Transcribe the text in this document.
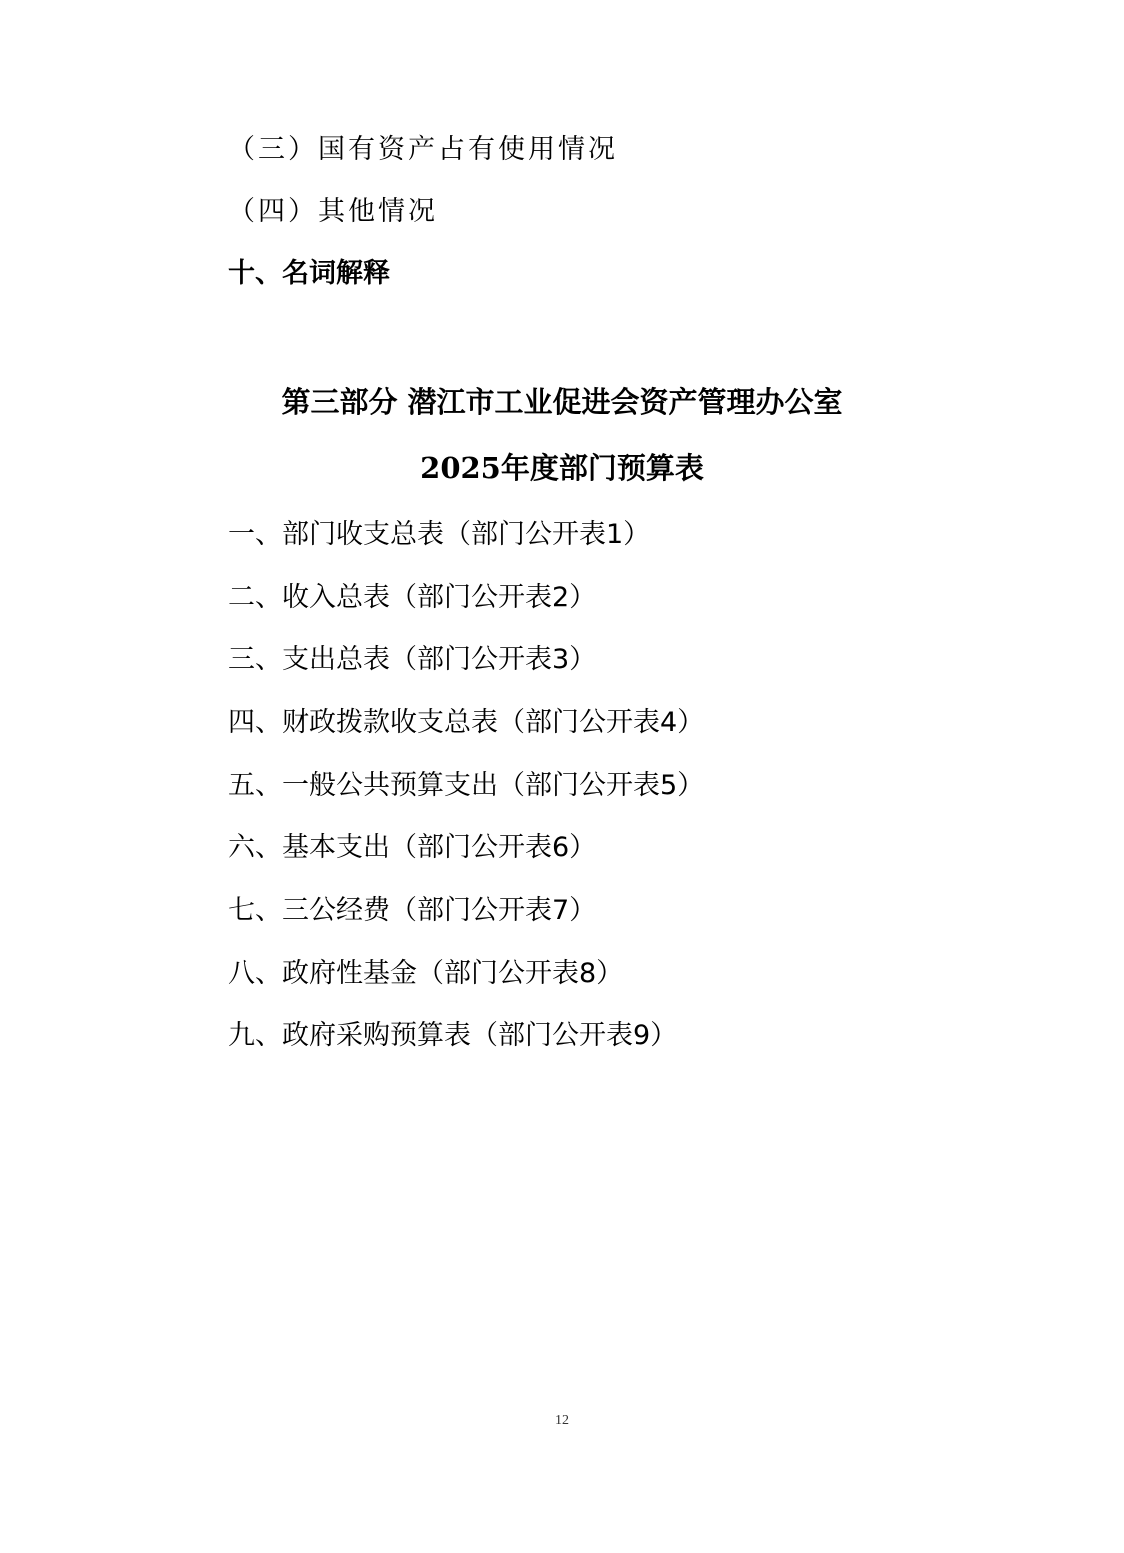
（三）国有资产占有使用情况
（四）其他情况
十、名词解释
第三部分 潜江市工业促进会资产管理办公室
2025年度部门预算表
一、部门收支总表（部门公开表1）
二、收入总表（部门公开表2）
三、支出总表（部门公开表3）
四、财政拨款收支总表（部门公开表4）
五、一般公共预算支出（部门公开表5）
六、基本支出（部门公开表6）
七、三公经费（部门公开表7）
八、政府性基金（部门公开表8）
九、政府采购预算表（部门公开表9）
12
